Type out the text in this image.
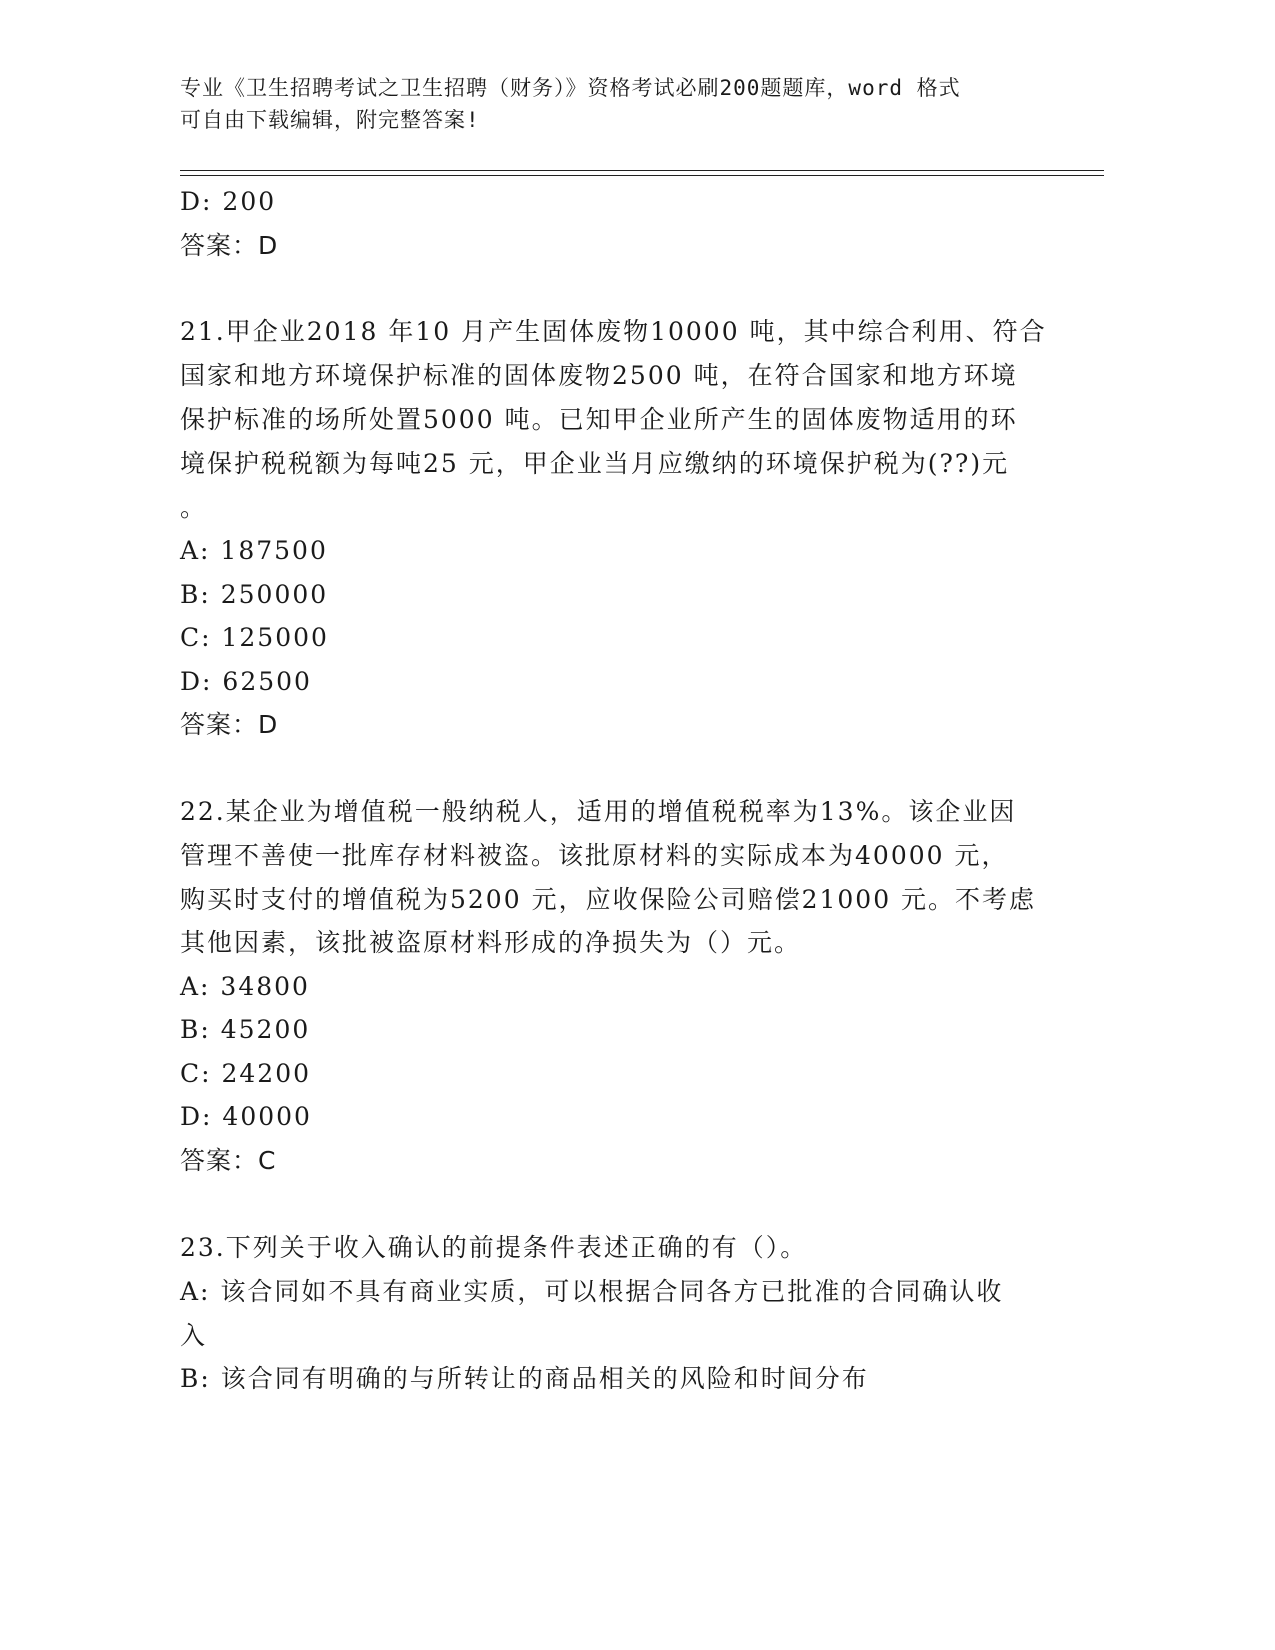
专业《卫生招聘考试之卫生招聘（财务）》资格考试必刷200题题库，word 格式
可自由下载编辑，附完整答案!
D: 200
答案：D
21.甲企业2018 年10 月产生固体废物10000 吨，其中综合利用、符合
国家和地方环境保护标准的固体废物2500 吨，在符合国家和地方环境
保护标准的场所处置5000 吨。已知甲企业所产生的固体废物适用的环
境保护税税额为每吨25 元，甲企业当月应缴纳的环境保护税为(??)元
。
A: 187500
B: 250000
C: 125000
D: 62500
答案：D
22.某企业为增值税一般纳税人，适用的增值税税率为13%。该企业因
管理不善使一批库存材料被盗。该批原材料的实际成本为40000 元，
购买时支付的增值税为5200 元，应收保险公司赔偿21000 元。不考虑
其他因素，该批被盗原材料形成的净损失为（）元。
A: 34800
B: 45200
C: 24200
D: 40000
答案：C
23.下列关于收入确认的前提条件表述正确的有（）。
A: 该合同如不具有商业实质，可以根据合同各方已批准的合同确认收
入
B: 该合同有明确的与所转让的商品相关的风险和时间分布
